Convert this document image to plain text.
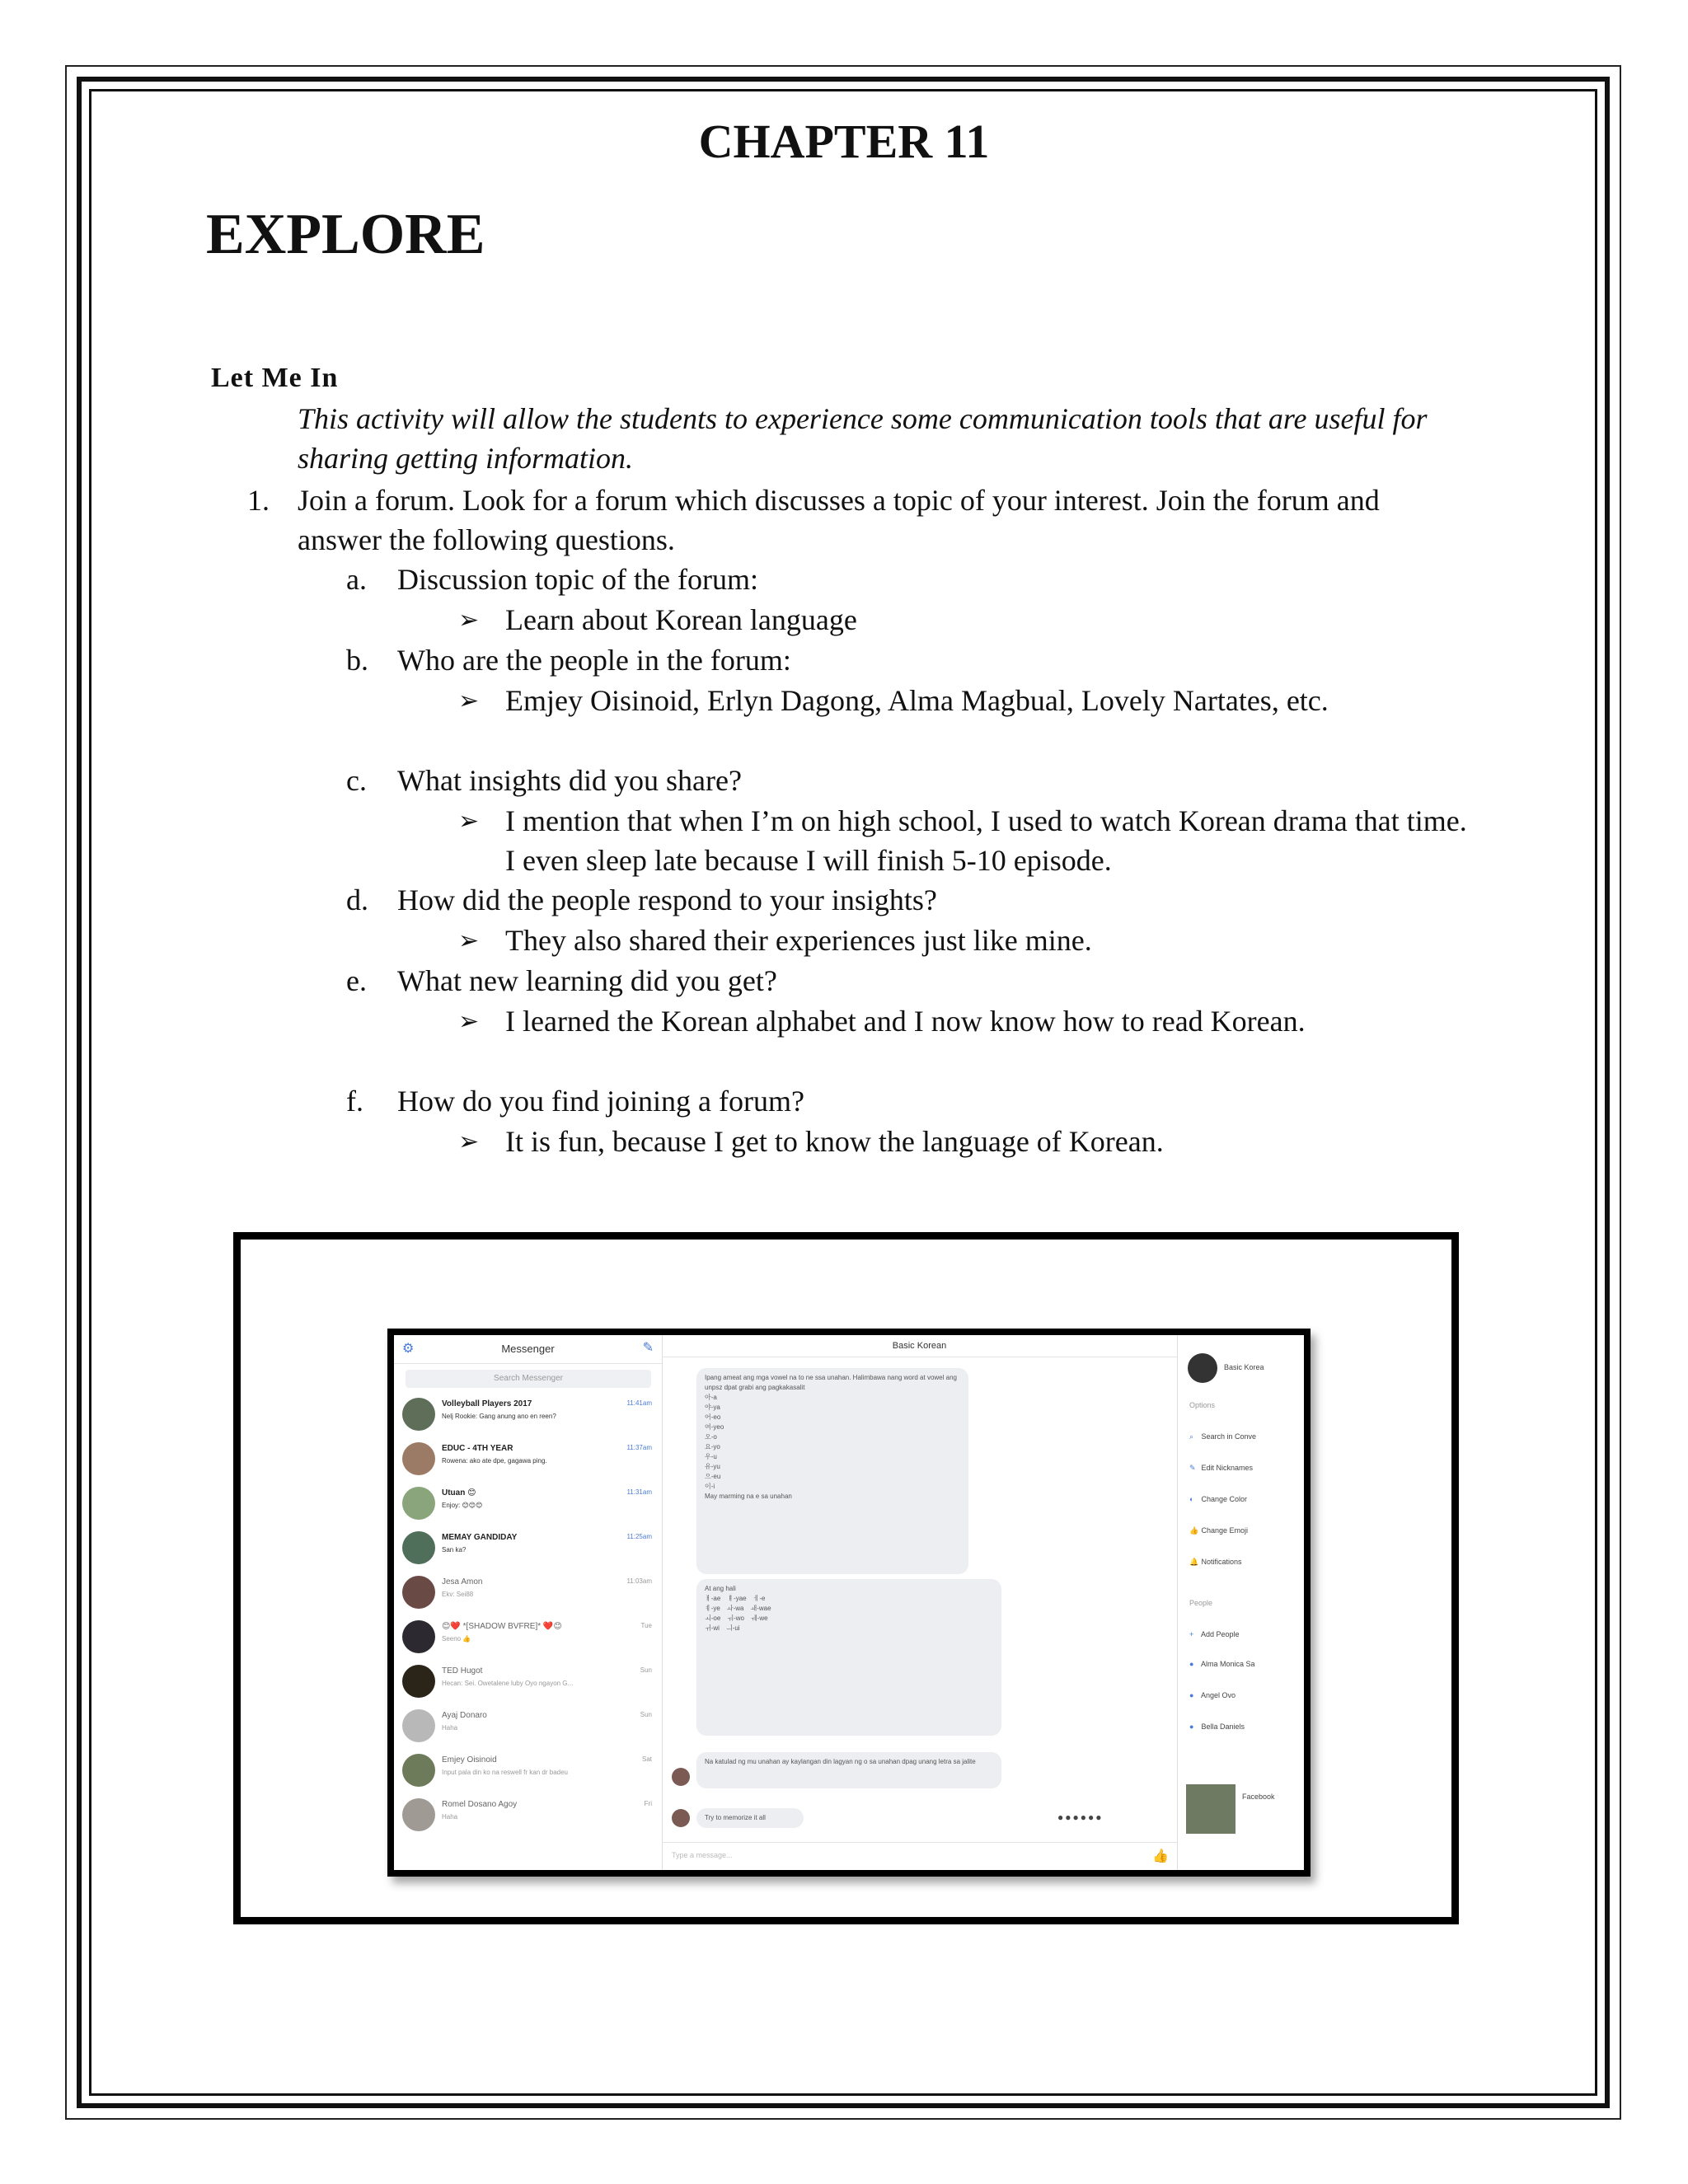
CHAPTER 11
EXPLORE
Let Me In
This activity will allow the students to experience some communication tools that are useful for
sharing getting information.
1. Join a forum. Look for a forum which discusses a topic of your interest. Join the forum and
answer the following questions.
a. Discussion topic of the forum:
➢ Learn about Korean language
b. Who are the people in the forum:
➢ Emjey Oisinoid, Erlyn Dagong, Alma Magbual, Lovely Nartates, etc.
c. What insights did you share?
➢ I mention that when I’m on high school, I used to watch Korean drama that time.
I even sleep late because I will finish 5-10 episode.
d. How did the people respond to your insights?
➢ They also shared their experiences just like mine.
e. What new learning did you get?
➢ I learned the Korean alphabet and I now know how to read Korean.
f. How do you find joining a forum?
➢ It is fun, because I get to know the language of Korean.
⚙	Messenger	✎
Search Messenger
Volleyball Players 2017
Nelj Rookie: Gang anung ano en reen?
11:41am
EDUC - 4TH YEAR
Rowena: ako ate dpe, gagawa ping.
11:37am
Utuan 😊
Enjoy: 😊😊😊
11:31am
MEMAY GANDIDAY
San ka?
11:25am
Jesa Amon
Ekv: Sei88
11:03am
😊❤️ *[SHADOW BVFRE]* ❤️😊
Seeno 👍
Tue
TED Hugot
Hecan: Sei. Owetalene luby Oyo ngayon G...
Sun
Ayaj Donaro
Haha
Sun
Emjey Oisinoid
Input pala din ko na reswell fr kan dr badeu
Sat
Romel Dosano Agoy
Haha
Fri
Basic Korean
Ipang ameat ang mga vowel na to ne ssa unahan. Halimbawa nang word at vowel ang unpsz dpat grabi ang pagkakasalit
아-a
야-ya
어-eo
여-yeo
오-o
요-yo
우-u
유-yu
으-eu
이-i
May marming na e sa unahan
At ang hali
ㅐ-ae ㅒ-yae ㅔ-e
ㅖ-ye ㅘ-wa ㅙ-wae
ㅚ-oe ㅝ-wo ㅞ-we
ㅟ-wi ㅢ-ui
Na katulad ng mu unahan ay kaylangan din lagyan ng o sa unahan dpag unang letra sa jalite
Try to memorize it all	●●●●●●
Type a message...	👍
Basic Korea
Options
⌕ Search in Conve
✎ Edit Nicknames
◐ Change Color
👍 Change Emoji
🔔 Notifications
People
+ Add People
● Alma Monica Sa
● Angel Ovo
● Bella Daniels
Facebook
